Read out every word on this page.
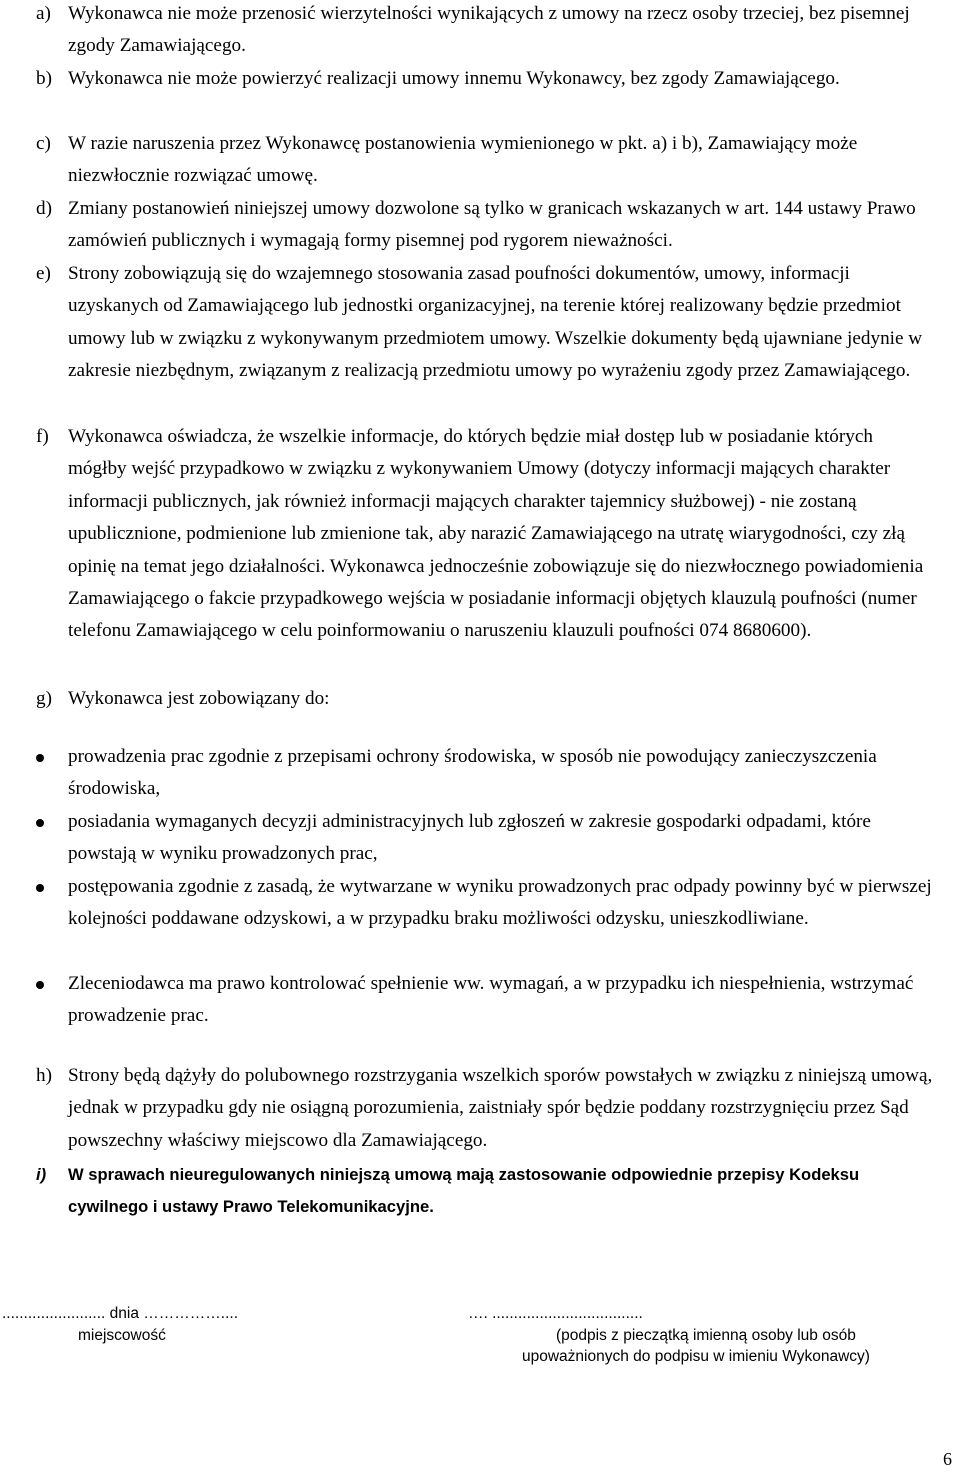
a) Wykonawca nie może przenosić wierzytelności wynikających z umowy na rzecz osoby trzeciej, bez pisemnej zgody Zamawiającego.
b) Wykonawca nie może powierzyć realizacji umowy innemu Wykonawcy, bez zgody Zamawiającego.
c) W razie naruszenia przez Wykonawcę postanowienia wymienionego w pkt. a) i b), Zamawiający może niezwłocznie rozwiązać umowę.
d) Zmiany postanowień niniejszej umowy dozwolone są tylko w granicach wskazanych w art. 144 ustawy Prawo zamówień publicznych i wymagają formy pisemnej pod rygorem nieważności.
e) Strony zobowiązują się do wzajemnego stosowania zasad poufności dokumentów, umowy, informacji uzyskanych od Zamawiającego lub jednostki organizacyjnej, na terenie której realizowany będzie przedmiot umowy lub w związku z wykonywanym przedmiotem umowy. Wszelkie dokumenty będą ujawniane jedynie w zakresie niezbędnym, związanym z realizacją przedmiotu umowy po wyrażeniu zgody przez Zamawiającego.
f) Wykonawca oświadcza, że wszelkie informacje, do których będzie miał dostęp lub w posiadanie których mógłby wejść przypadkowo w związku z wykonywaniem Umowy (dotyczy informacji mających charakter informacji publicznych, jak również informacji mających charakter tajemnicy służbowej) - nie zostaną upublicznione, podmienione lub zmienione tak, aby narazić Zamawiającego na utratę wiarygodności, czy złą opinię na temat jego działalności. Wykonawca jednocześnie zobowiązuje się do niezwłocznego powiadomienia Zamawiającego o fakcie przypadkowego wejścia w posiadanie informacji objętych klauzulą poufności (numer telefonu Zamawiającego w celu poinformowaniu o naruszeniu klauzuli poufności 074 8680600).
g) Wykonawca jest zobowiązany do:
prowadzenia prac zgodnie z przepisami ochrony środowiska, w sposób nie powodujący zanieczyszczenia środowiska,
posiadania wymaganych decyzji administracyjnych lub zgłoszeń w zakresie gospodarki odpadami, które powstają w wyniku prowadzonych prac,
postępowania zgodnie z zasadą, że wytwarzane w wyniku prowadzonych prac odpady powinny być w pierwszej kolejności poddawane odzyskowi, a w przypadku braku możliwości odzysku, unieszkodliwiane.
Zleceniodawca ma prawo kontrolować spełnienie ww. wymagań, a w przypadku ich niespełnienia, wstrzymać prowadzenie prac.
h) Strony będą dążyły do polubownego rozstrzygania wszelkich sporów powstałych w związku z niniejszą umową, jednak w przypadku gdy nie osiągną porozumienia, zaistniały spór będzie poddany rozstrzygnięciu przez Sąd powszechny właściwy miejscowo dla Zamawiającego.
i) W sprawach nieuregulowanych niniejszą umową mają zastosowanie odpowiednie przepisy Kodeksu cywilnego i ustawy Prawo Telekomunikacyjne.
........................ dnia ……………....
miejscowość
…. ...................................
(podpis z pieczątką imienną osoby lub osób
upoważnionych do podpisu w imieniu Wykonawcy)
6
